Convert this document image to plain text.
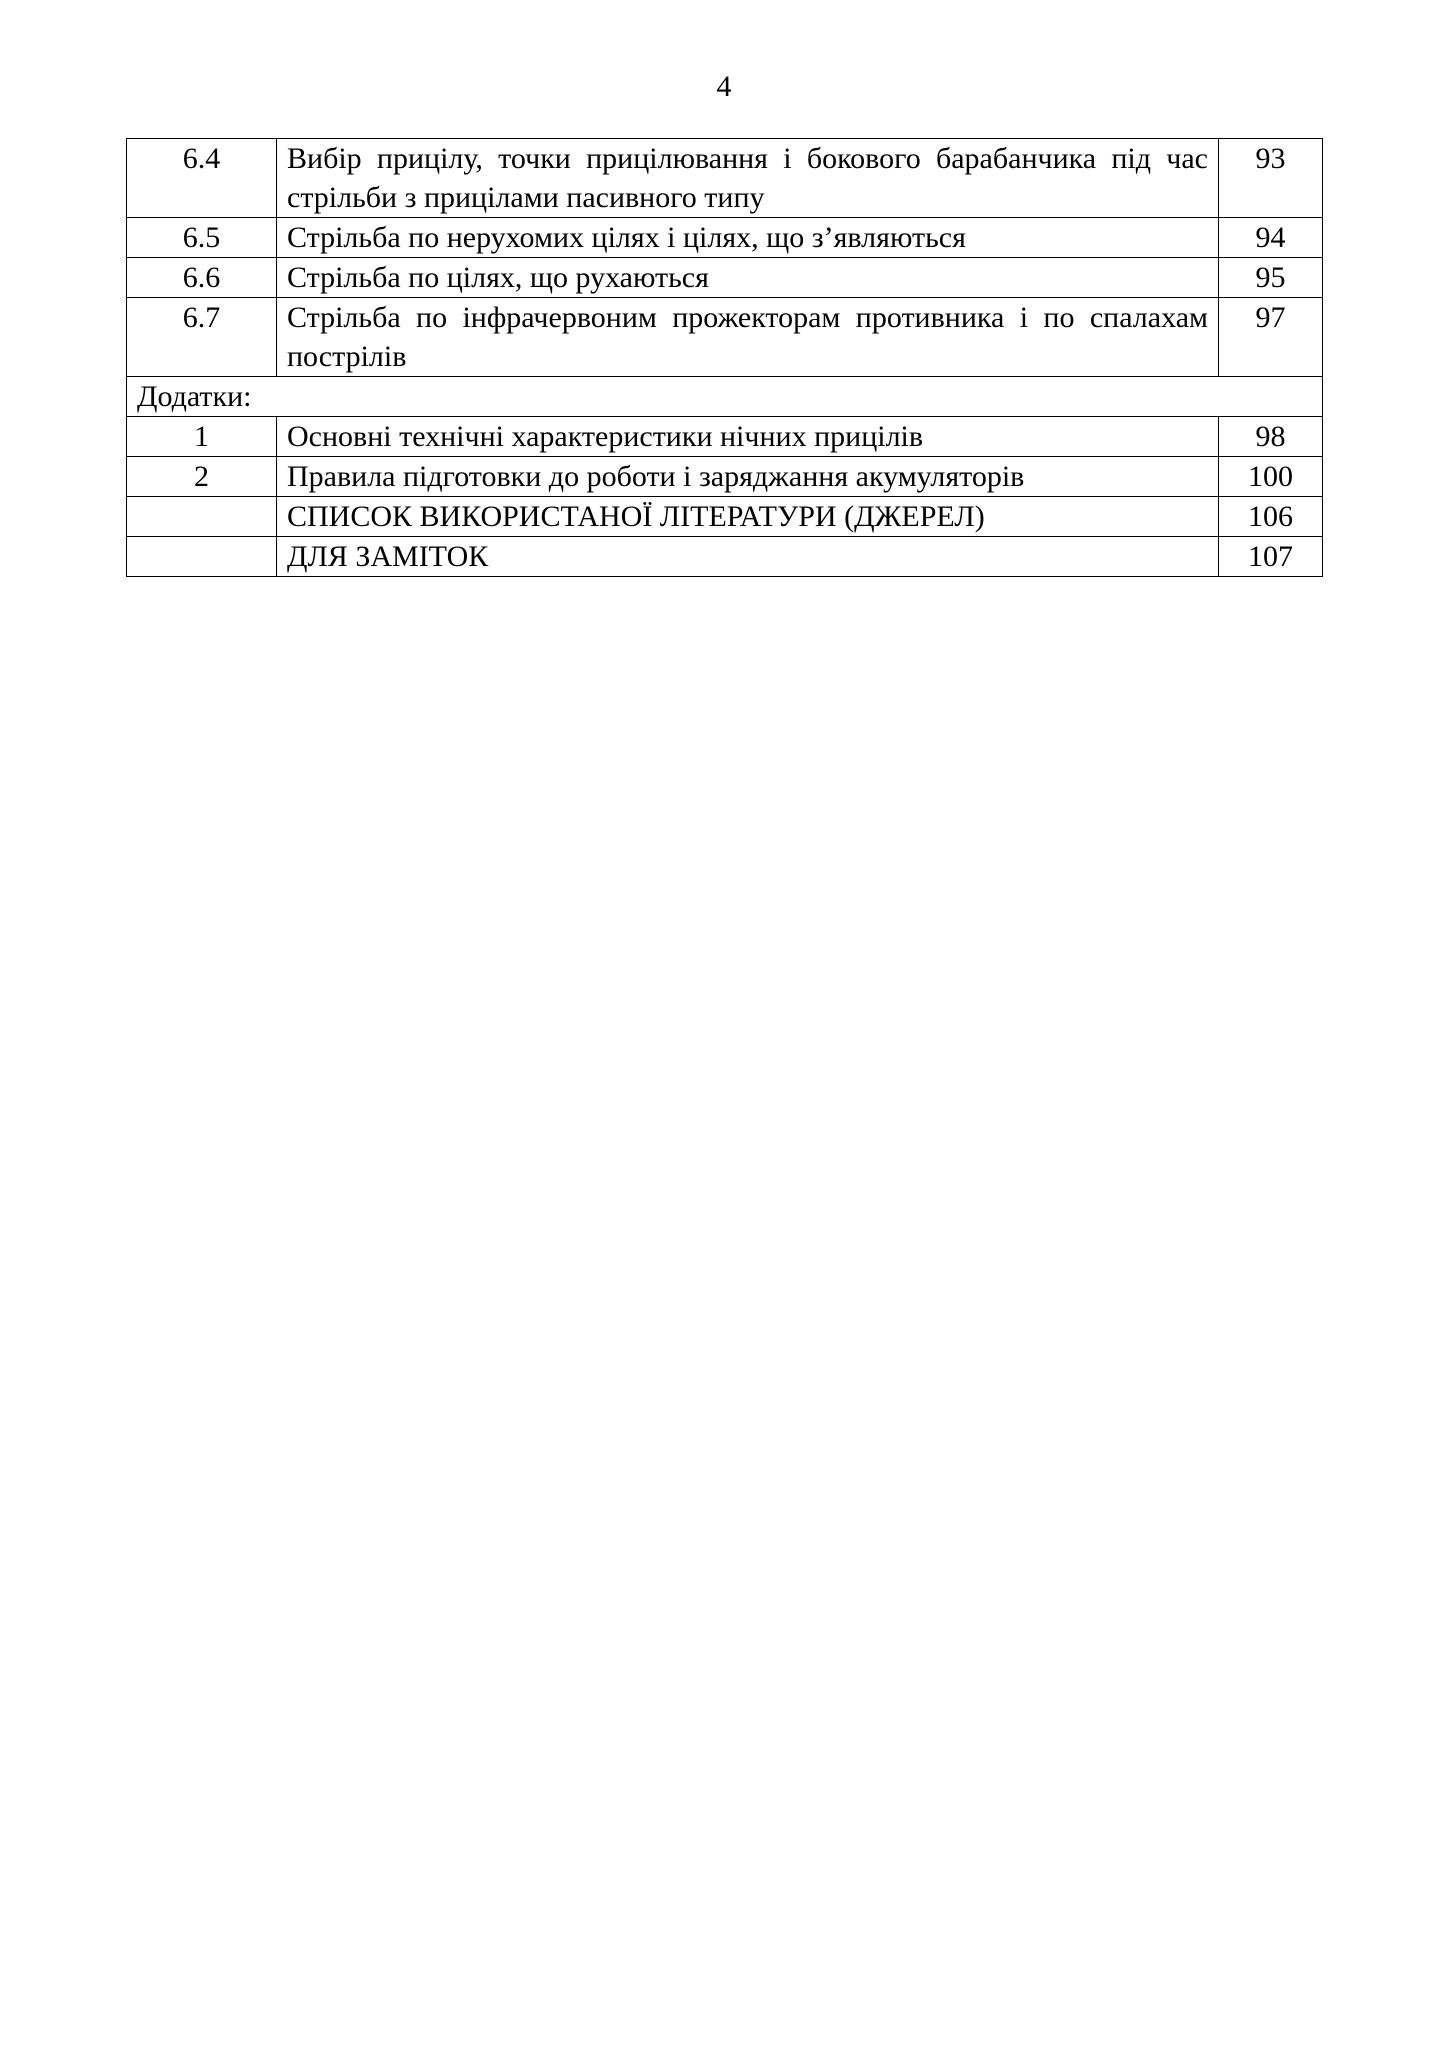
4
6.4	Вибір прицілу, точки прицілювання і бокового барабанчика під час стрільби з прицілами пасивного типу	93
6.5	Стрільба по нерухомих цілях і цілях, що з’являються	94
6.6	Стрільба по цілях, що рухаються	95
6.7	Стрільба по інфрачервоним прожекторам противника і по спалахам пострілів	97
Додатки:		
1	Основні технічні характеристики нічних прицілів	98
2	Правила підготовки до роботи і заряджання акумуляторів	100
	СПИСОК ВИКОРИСТАНОЇ ЛІТЕРАТУРИ (ДЖЕРЕЛ)	106
	ДЛЯ ЗАМІТОК	107
